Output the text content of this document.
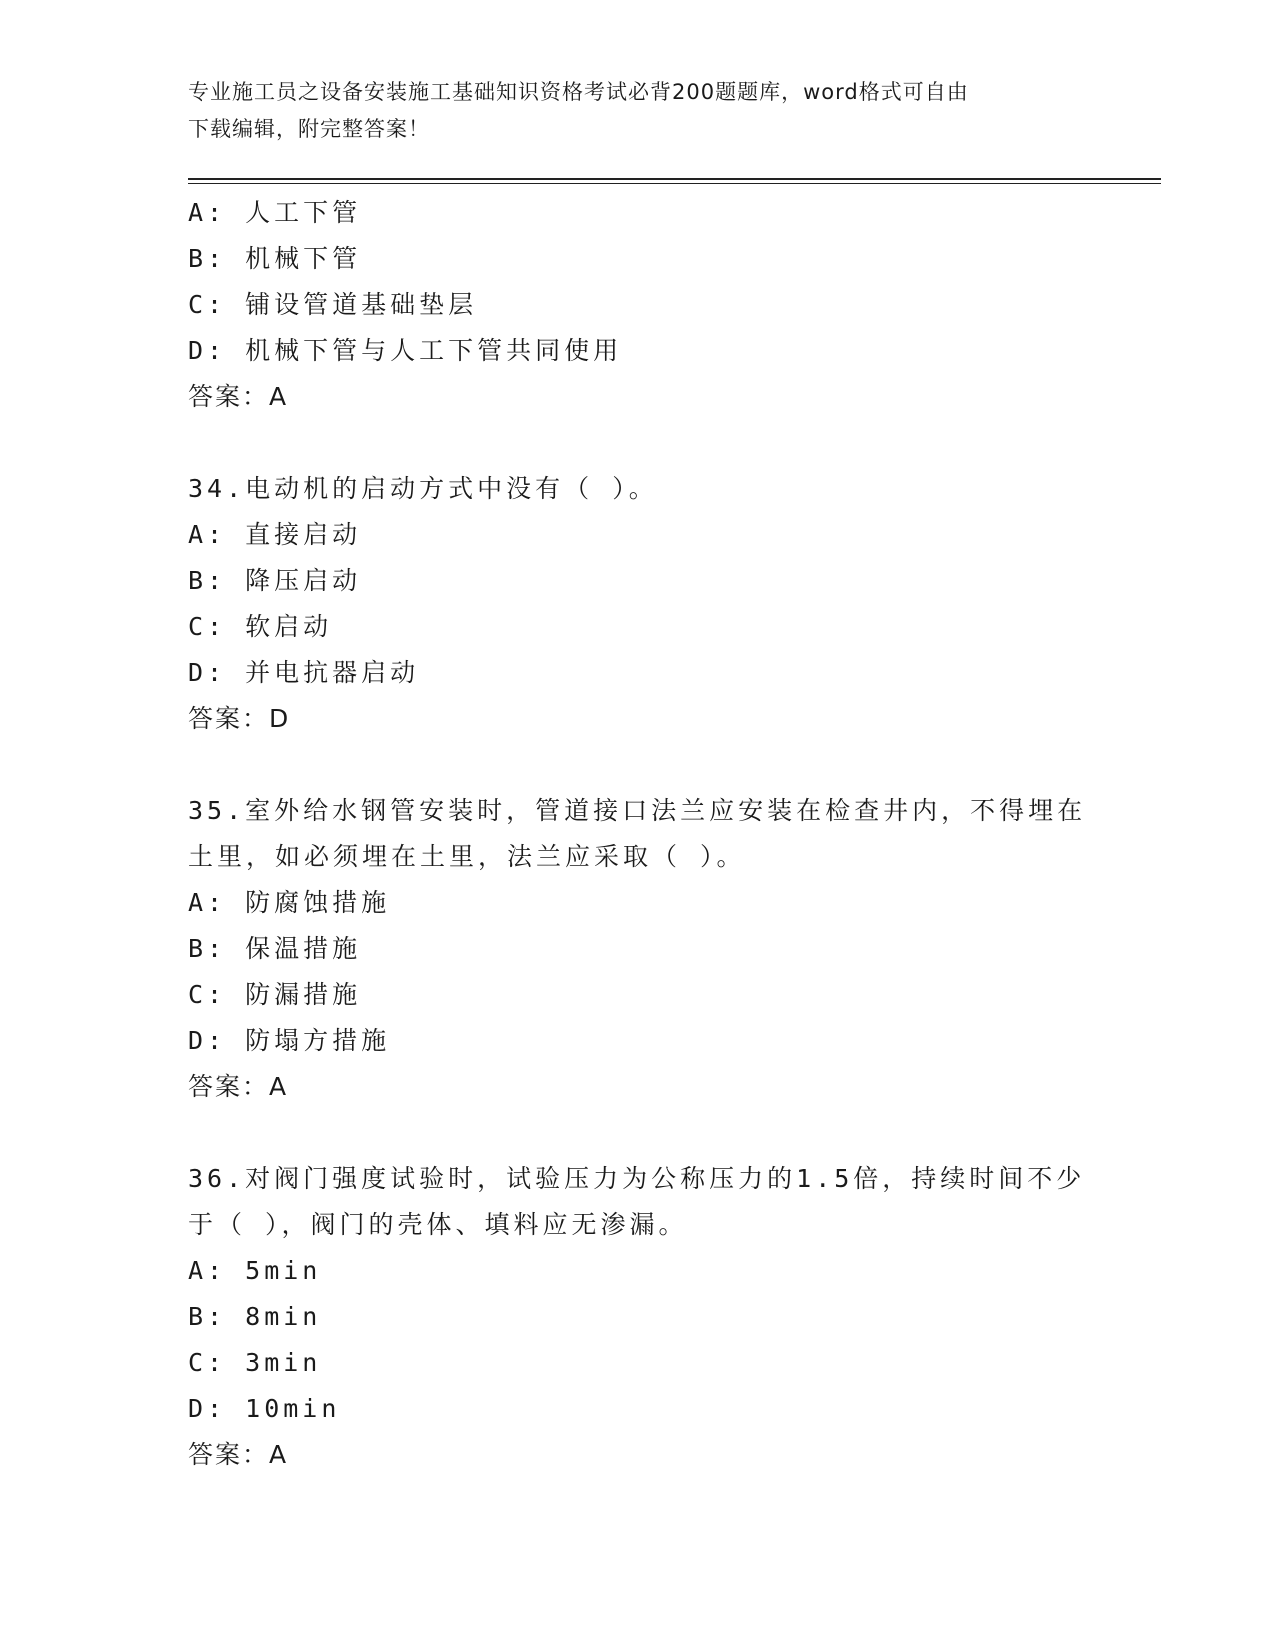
专业施工员之设备安装施工基础知识资格考试必背200题题库，word格式可自由
下载编辑，附完整答案！
A: 人工下管
B: 机械下管
C: 铺设管道基础垫层
D: 机械下管与人工下管共同使用
答案：A
34.电动机的启动方式中没有（ ）。
A: 直接启动
B: 降压启动
C: 软启动
D: 并电抗器启动
答案：D
35.室外给水钢管安装时，管道接口法兰应安装在检查井内，不得埋在
土里，如必须埋在土里，法兰应采取（ ）。
A: 防腐蚀措施
B: 保温措施
C: 防漏措施
D: 防塌方措施
答案：A
36.对阀门强度试验时，试验压力为公称压力的1.5倍，持续时间不少
于（ ），阀门的壳体、填料应无渗漏。
A: 5min
B: 8min
C: 3min
D: 10min
答案：A
